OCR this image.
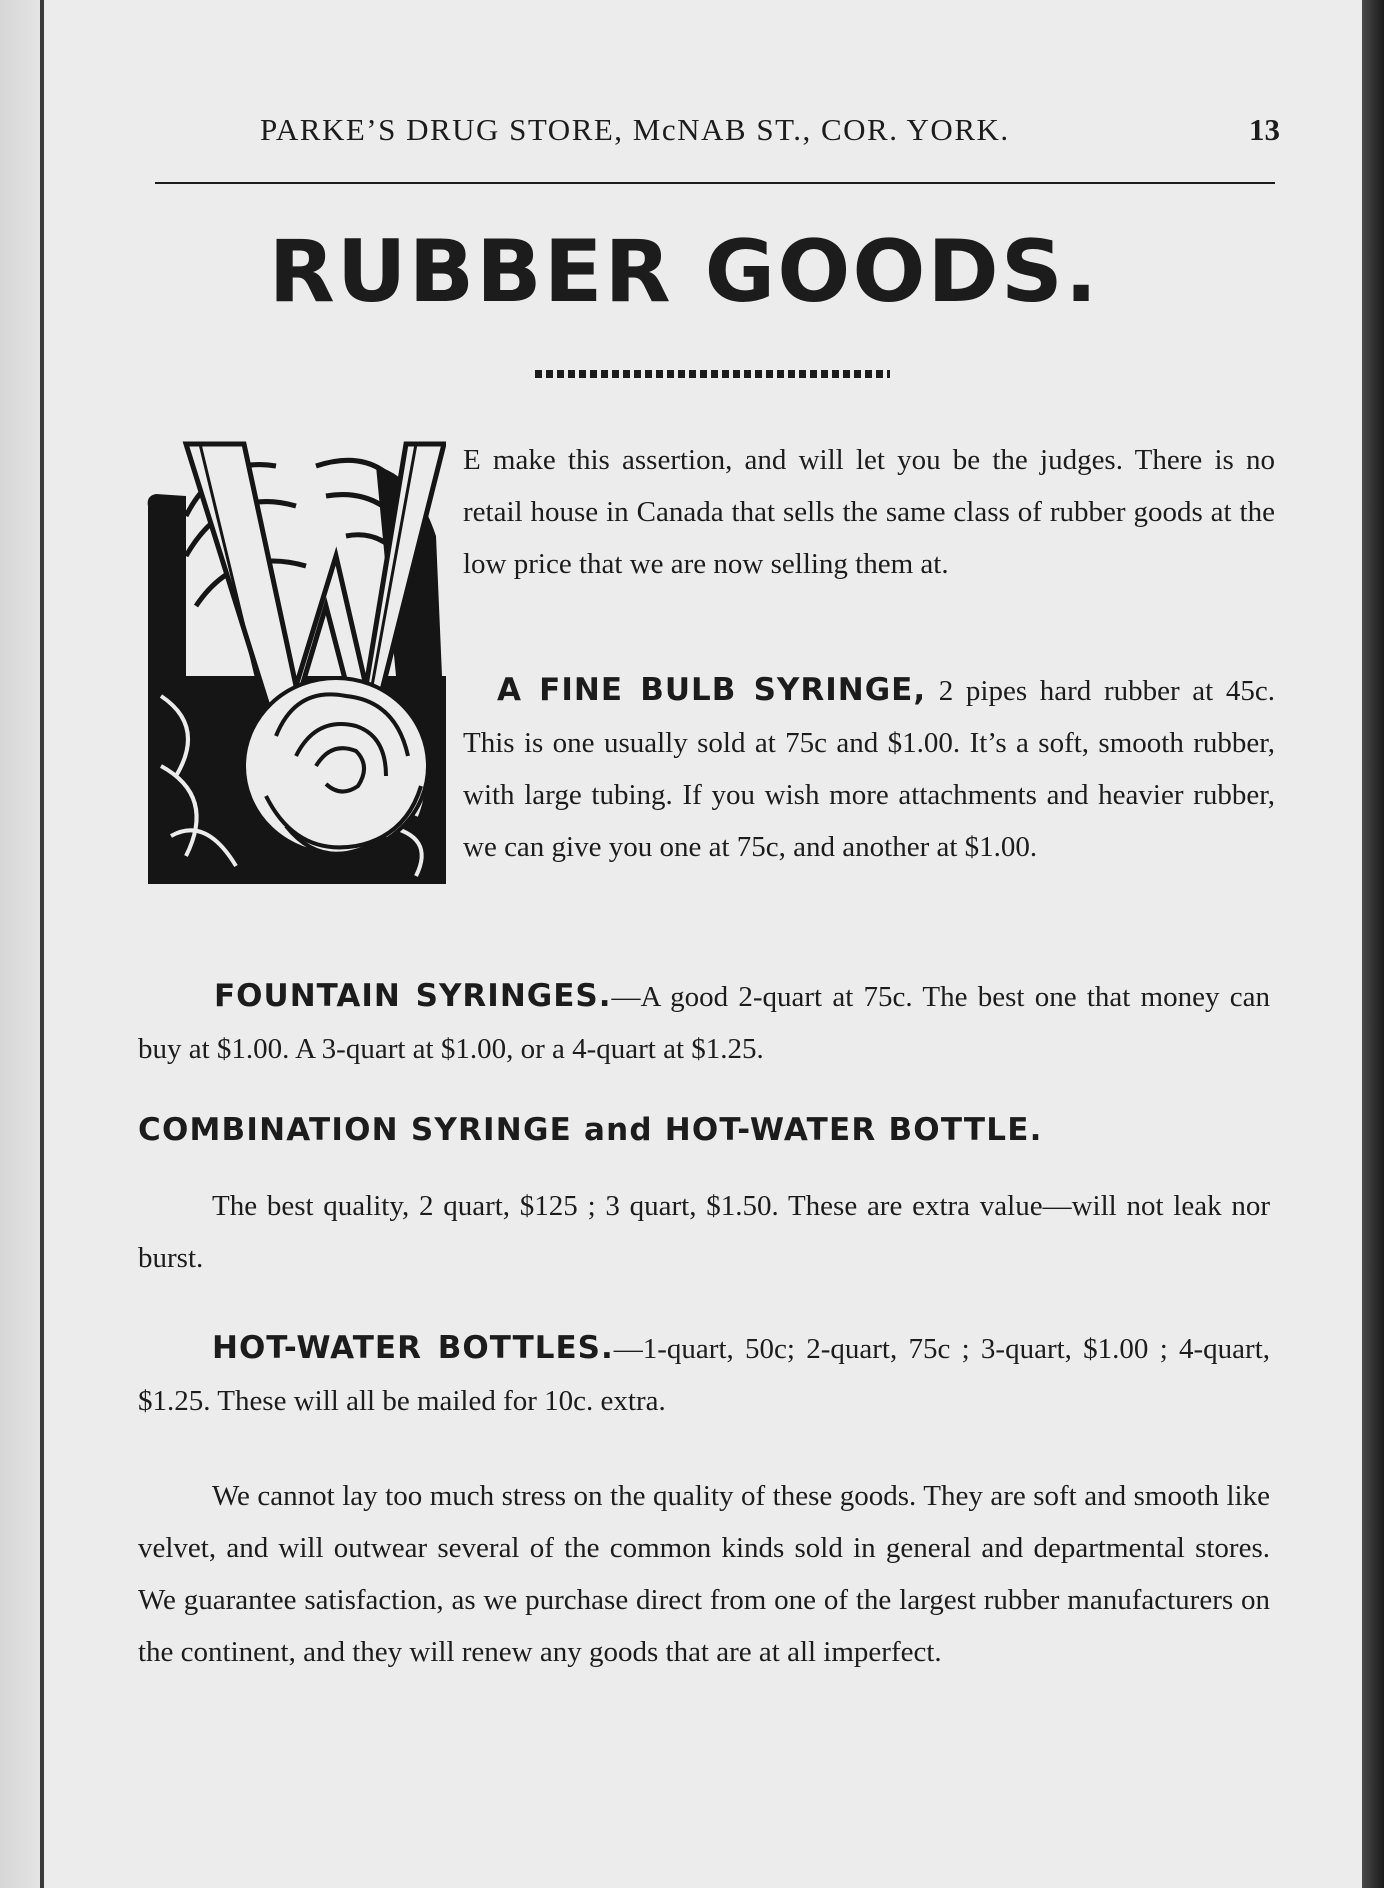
PARKE’S DRUG STORE, McNAB ST., COR. YORK.	13
RUBBER GOODS.
E make this assertion, and will let you be the judges. There is no retail house in Canada that sells the same class of rubber goods at the low price that we are now selling them at.
A FINE BULB SYRINGE, 2 pipes hard rubber at 45c. This is one usually sold at 75c and $1.00. It’s a soft, smooth rubber, with large tubing. If you wish more attachments and heavier rubber, we can give you one at 75c, and another at $1.00.
FOUNTAIN SYRINGES.—A good 2-quart at 75c. The best one that money can buy at $1.00. A 3-quart at $1.00, or a 4-quart at $1.25.
COMBINATION SYRINGE and HOT-WATER BOTTLE.
The best quality, 2 quart, $125 ; 3 quart, $1.50. These are extra value—will not leak nor burst.
HOT-WATER BOTTLES.—1-quart, 50c; 2-quart, 75c ; 3-quart, $1.00 ; 4-quart, $1.25. These will all be mailed for 10c. extra.
We cannot lay too much stress on the quality of these goods. They are soft and smooth like velvet, and will outwear several of the common kinds sold in general and departmental stores. We guarantee satisfaction, as we purchase direct from one of the largest rubber manufacturers on the continent, and they will renew any goods that are at all imperfect.
